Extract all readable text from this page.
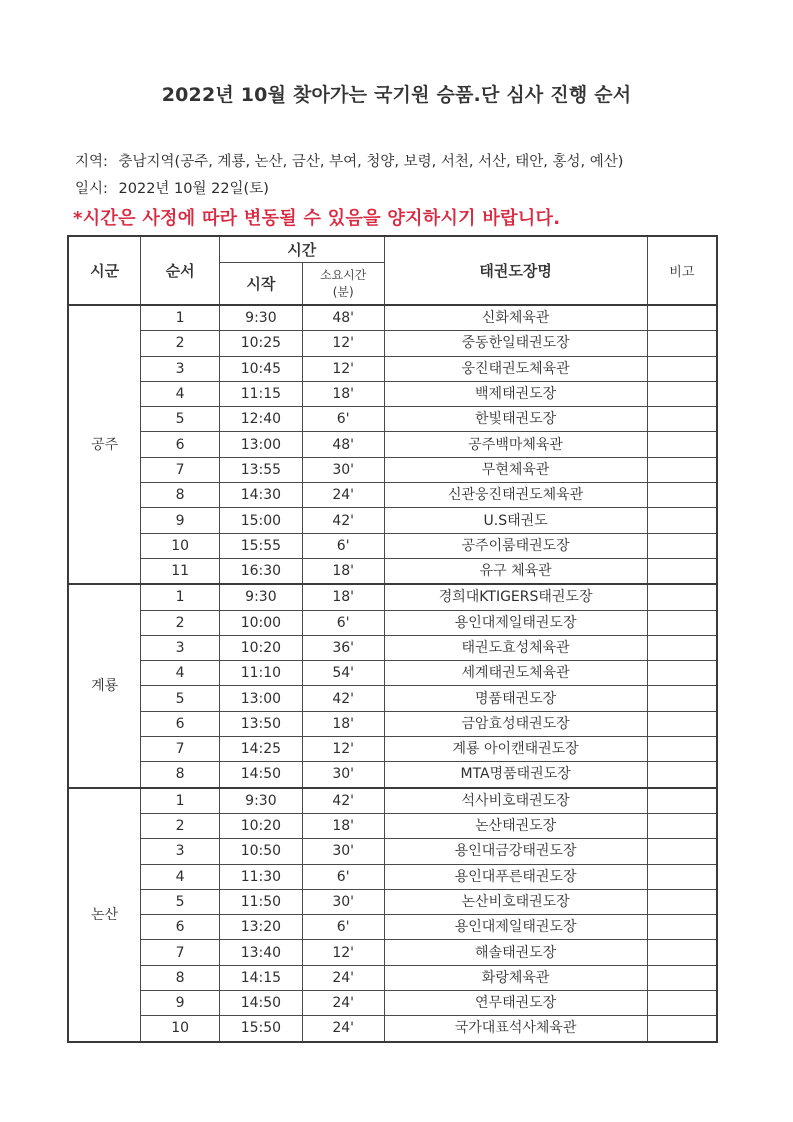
2022년 10월 찾아가는 국기원 승품.단 심사 진행 순서
지역: 충남지역(공주, 계룡, 논산, 금산, 부여, 청양, 보령, 서천, 서산, 태안, 홍성, 예산)
일시: 2022년 10월 22일(토)
*시간은 사정에 따라 변동될 수 있음을 양지하시기 바랍니다.
시군	순서	시간		태권도장명	비고
		시작	소요시간
(분)		
공주	1	9:30	48'	신화체육관	
	2	10:25	12'	중동한일태권도장	
	3	10:45	12'	웅진태권도체육관	
	4	11:15	18'	백제태권도장	
	5	12:40	6'	한빛태권도장	
	6	13:00	48'	공주백마체육관	
	7	13:55	30'	무현체육관	
	8	14:30	24'	신관웅진태권도체육관	
	9	15:00	42'	U.S태권도	
	10	15:55	6'	공주이룸태권도장	
	11	16:30	18'	유구 체육관	
계룡	1	9:30	18'	경희대KTIGERS태권도장	
	2	10:00	6'	용인대제일태권도장	
	3	10:20	36'	태권도효성체육관	
	4	11:10	54'	세계태권도체육관	
	5	13:00	42'	명품태권도장	
	6	13:50	18'	금암효성태권도장	
	7	14:25	12'	계룡 아이캔태권도장	
	8	14:50	30'	MTA명품태권도장	
논산	1	9:30	42'	석사비호태권도장	
	2	10:20	18'	논산태권도장	
	3	10:50	30'	용인대금강태권도장	
	4	11:30	6'	용인대푸른태권도장	
	5	11:50	30'	논산비호태권도장	
	6	13:20	6'	용인대제일태권도장	
	7	13:40	12'	해솔태권도장	
	8	14:15	24'	화랑체육관	
	9	14:50	24'	연무태권도장	
	10	15:50	24'	국가대표석사체육관	
